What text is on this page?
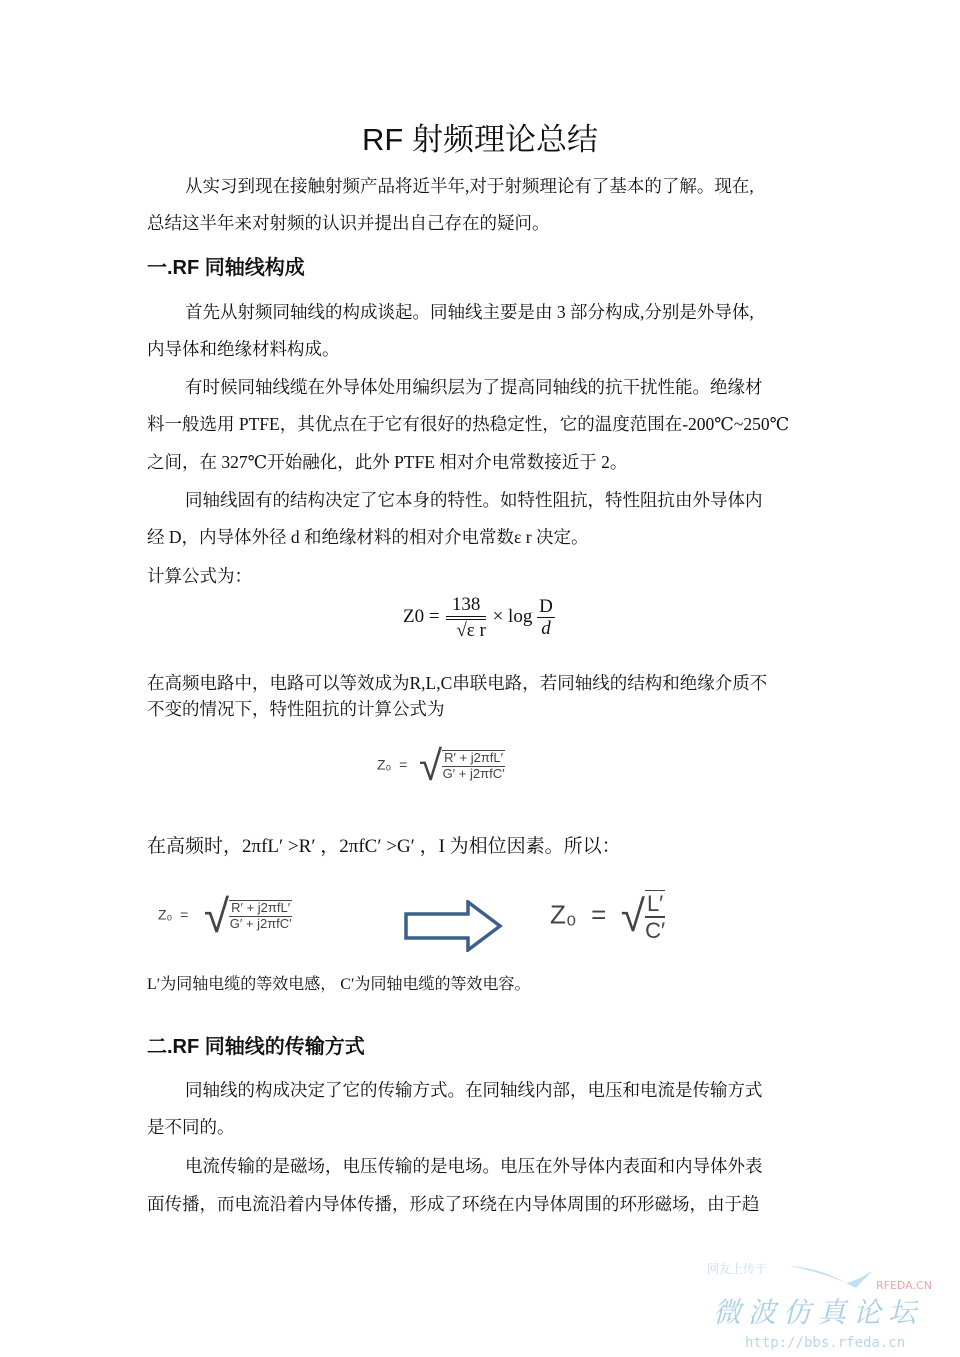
RF 射频理论总结
从实习到现在接触射频产品将近半年,对于射频理论有了基本的了解。现在,
总结这半年来对射频的认识并提出自己存在的疑问。
一.RF 同轴线构成
首先从射频同轴线的构成谈起。同轴线主要是由 3 部分构成,分别是外导体,
内导体和绝缘材料构成。
有时候同轴线缆在外导体处用编织层为了提高同轴线的抗干扰性能。绝缘材
料一般选用 PTFE，其优点在于它有很好的热稳定性，它的温度范围在-200℃~250℃
之间，在 327℃开始融化，此外 PTFE 相对介电常数接近于 2。
同轴线固有的结构决定了它本身的特性。如特性阻抗，特性阻抗由外导体内
经 D，内导体外径 d 和绝缘材料的相对介电常数ε r 决定。
计算公式为：
$Z0 = \frac{138}{\text{√ε r}} \times \log \frac{D}{d}$
在高频电路中，电路可以等效成为R,L,C串联电路，若同轴线的结构和绝缘介质不
不变的情况下，特性阻抗的计算公式为
Z₀ = √ $\frac{\text{R′ + j2πfL′}}{\text{G′ + j2πfC′}}$
在高频时，2πfL′ >R′ ，2πfC′ >G′ ，I 为相位因素。所以：
Z₀ = √ $\frac{\text{R′ + j2πfL′}}{\text{G′ + j2πfC′}}$	Z₀ = √ $\frac{L'}{C'}$
L′为同轴电缆的等效电感， C′为同轴电缆的等效电容。
二.RF 同轴线的传输方式
同轴线的构成决定了它的传输方式。在同轴线内部，电压和电流是传输方式
是不同的。
电流传输的是磁场，电压传输的是电场。电压在外导体内表面和内导体外表
面传播，而电流沿着内导体传播，形成了环绕在内导体周围的环形磁场，由于趋
网友上传于
RFEDA.CN
微波仿真论坛
http://bbs.rfeda.cn
